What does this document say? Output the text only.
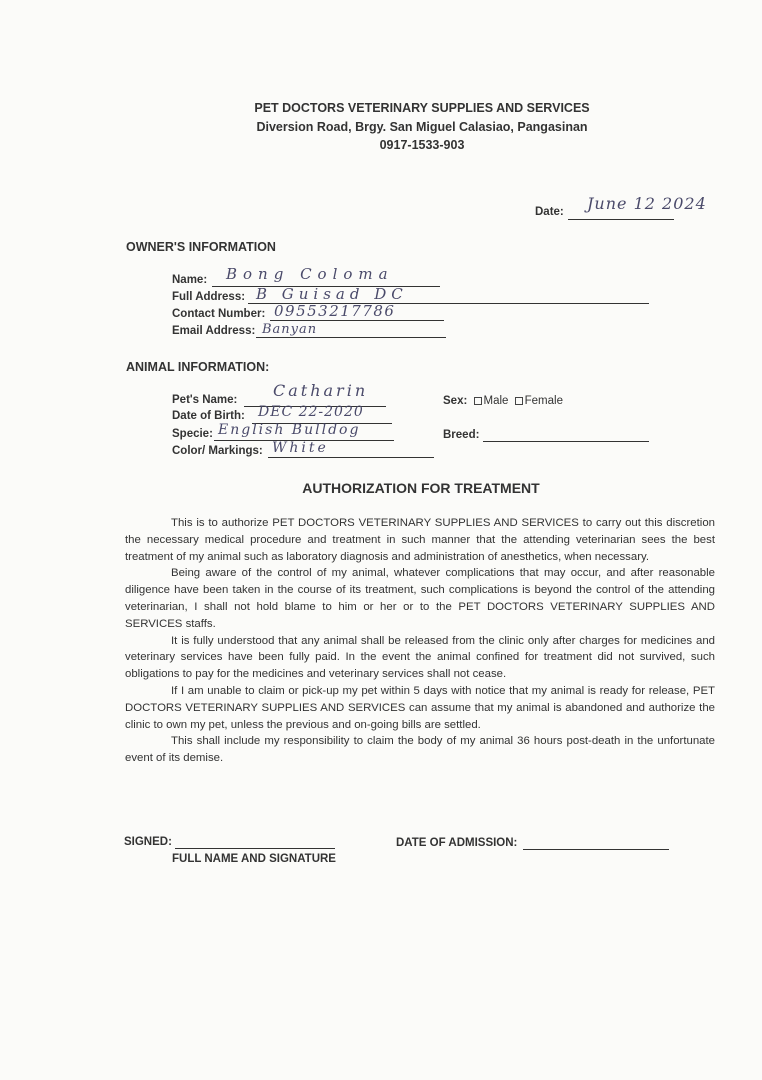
PET DOCTORS VETERINARY SUPPLIES AND SERVICES
Diversion Road, Brgy. San Miguel Calasiao, Pangasinan
0917-1533-903
Date: June 12 2024
OWNER'S INFORMATION
Name: Bong Coloma
Full Address: B Guisad DC
Contact Number: 09553217786
Email Address: Banyan
ANIMAL INFORMATION:
Pet's Name: Catharin
Date of Birth: DEC 22-2020
Specie: English Bulldog
Color/ Markings: White
Sex: Male Female
Breed:
AUTHORIZATION FOR TREATMENT

This is to authorize PET DOCTORS VETERINARY SUPPLIES AND SERVICES to carry out this discretion the necessary medical procedure and treatment in such manner that the attending veterinarian sees the best treatment of my animal such as laboratory diagnosis and administration of anesthetics, when necessary.

Being aware of the control of my animal, whatever complications that may occur, and after reasonable diligence have been taken in the course of its treatment, such complications is beyond the control of the attending veterinarian, I shall not hold blame to him or her or to the PET DOCTORS VETERINARY SUPPLIES AND SERVICES staffs.

It is fully understood that any animal shall be released from the clinic only after charges for medicines and veterinary services have been fully paid. In the event the animal confined for treatment did not survived, such obligations to pay for the medicines and veterinary services shall not cease.

If I am unable to claim or pick-up my pet within 5 days with notice that my animal is ready for release, PET DOCTORS VETERINARY SUPPLIES AND SERVICES can assume that my animal is abandoned and authorize the clinic to own my pet, unless the previous and on-going bills are settled.

This shall include my responsibility to claim the body of my animal 36 hours post-death in the unfortunate event of its demise.

SIGNED:
FULL NAME AND SIGNATURE
DATE OF ADMISSION:
